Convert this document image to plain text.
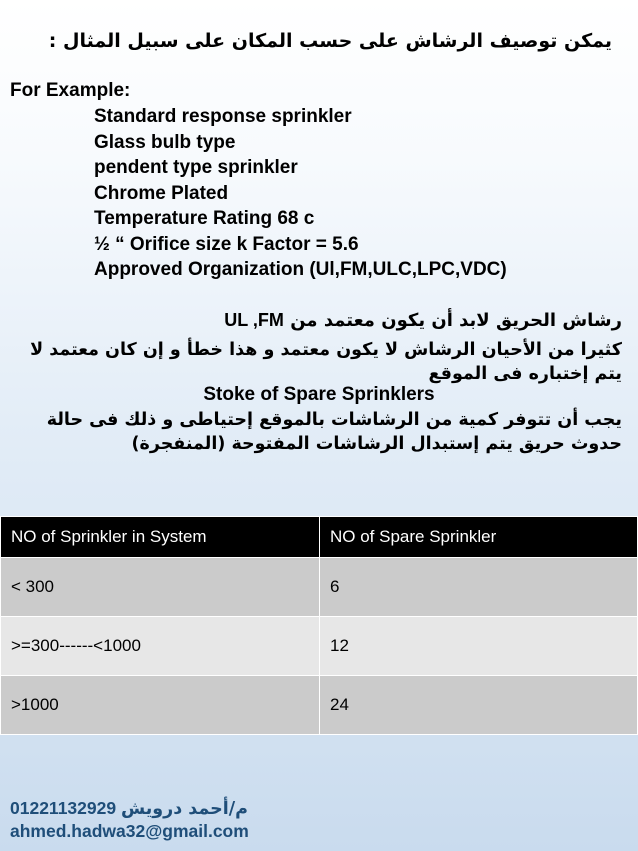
يمكن توصيف الرشاش على حسب المكان على سبيل المثال :
For Example:
Standard response sprinkler
Glass bulb type
pendent type sprinkler
Chrome Plated
Temperature Rating 68 c
½ “ Orifice size k Factor = 5.6
Approved Organization (Ul,FM,ULC,LPC,VDC)
رشاش الحريق لابد أن يكون معتمد من UL ,FM
كثيرا من الأحيان الرشاش لا يكون معتمد و هذا خطأ و إن كان معتمد لا يتم إختباره فى الموقع
Stoke of Spare Sprinklers
يجب أن تتوفر كمية من الرشاشات بالموقع إحتياطى و ذلك فى حالة حدوث حريق يتم إستبدال الرشاشات المفتوحة (المنفجرة)
NO of Sprinkler in System	NO of Spare Sprinkler
< 300	6
>=300------<1000	12
>1000	24
01221132929 م/أحمد درويش
ahmed.hadwa32@gmail.com
